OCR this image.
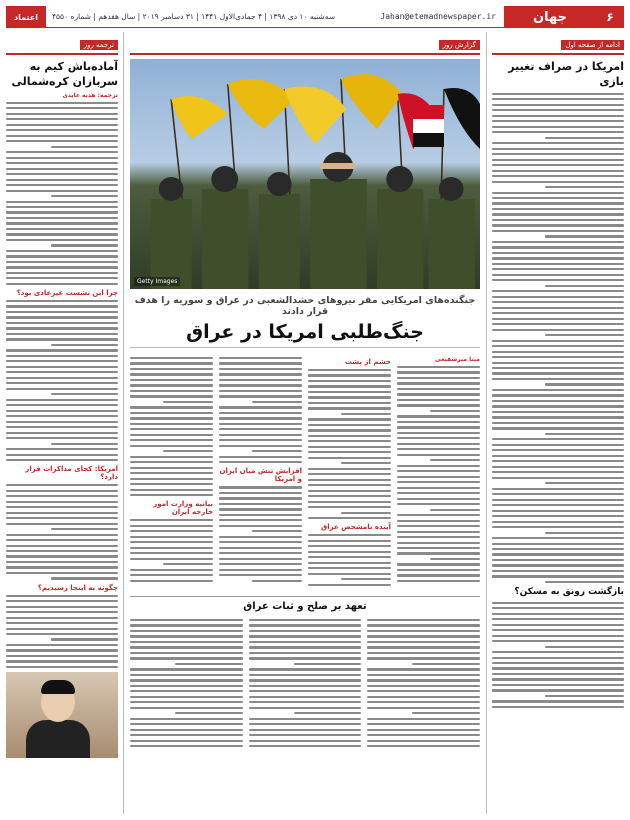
۶
جهان
Jahan@etemadnewspaper.ir
سه‌شنبه ۱۰ دی ۱۳۹۸ | ۴ جمادی‌الاول ۱۴۴۱ | ۳۱ دسامبر ۲۰۱۹ | سال هفدهم | شماره ۴۵۵۰
اعتماد
ادامه از صفحه اول
امریکا در صراف تغییر بازی
بازگشت رونق به مسکن؟
گزارش روز
Getty Images
جنگنده‌های امریکایی مقر نیروهای حشدالشعبی در عراق و سوریه را هدف قرار دادند
جنگ‌طلبی امریکا در عراق
مینا میرشفیعی
خشم از پشت
آینده نامشخص عراق
افزایش تنش میان ایران و امریکا
بیانیه وزارت امور خارجه ایران
تعهد بر صلح و ثبات عراق
ترجمه روز
آماده‌باش کیم به سربازان کره‌شمالی
ترجمه: هدیه عابدی
چرا این نشست غیرعادی بود؟
امریکا: کجای مذاکرات قرار دارد؟
چگونه به اینجا رسیدیم؟
